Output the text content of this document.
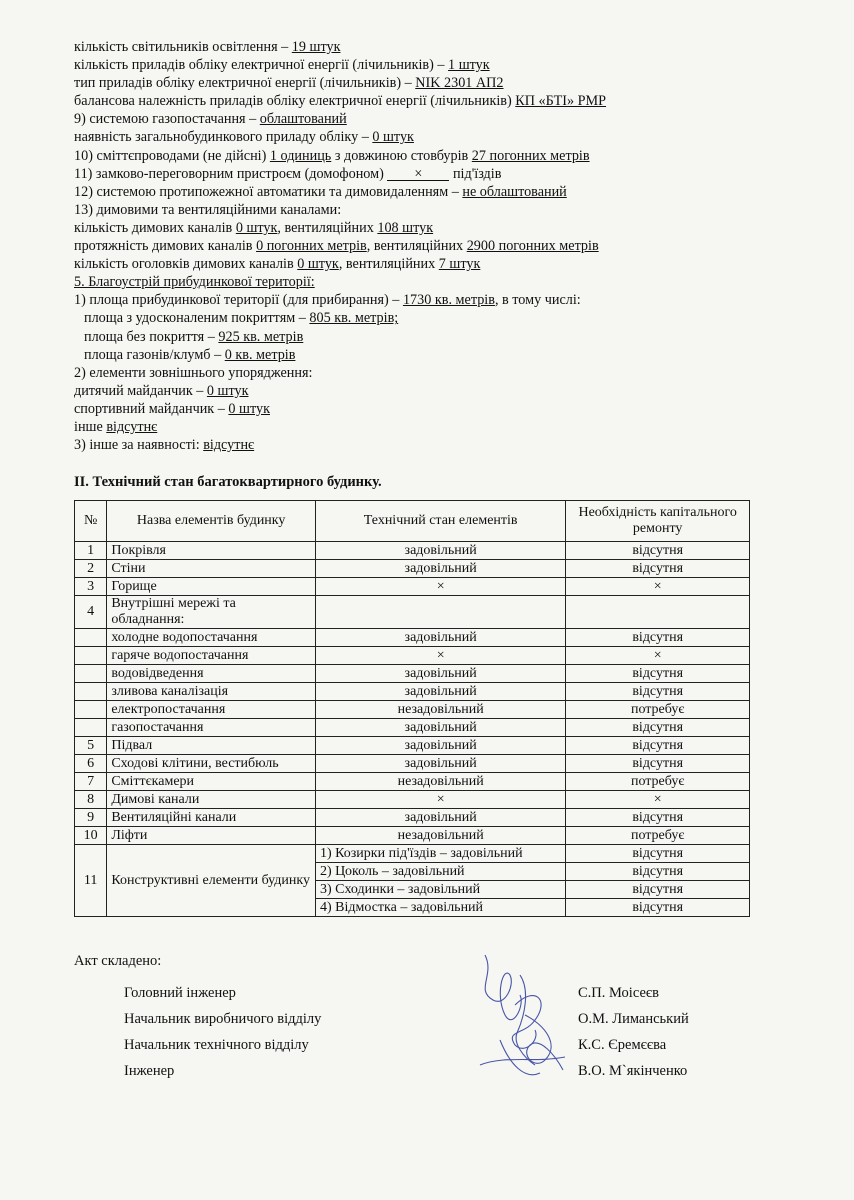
кількість світильників освітлення – 19 штук
кількість приладів обліку електричної енергії (лічильників) – 1 штук
тип приладів обліку електричної енергії (лічильників) – NIK 2301 АП2
балансова належність приладів обліку електричної енергії (лічильників) КП «БТІ» РМР
9) системою газопостачання – облаштований
наявність загальнобудинкового приладу обліку – 0 штук
10) сміттєпроводами (не дійсні) 1 одиниць з довжиною стовбурів 27 погонних метрів
11) замково-переговорним пристроєм (домофоном) × під'їздів
12) системою протипожежної автоматики та димовидаленням – не облаштований
13) димовими та вентиляційними каналами:
кількість димових каналів 0 штук, вентиляційних 108 штук
протяжність димових каналів 0 погонних метрів, вентиляційних 2900 погонних метрів
кількість оголовків димових каналів 0 штук, вентиляційних 7 штук
5. Благоустрій прибудинкової території:
1) площа прибудинкової території (для прибирання) – 1730 кв. метрів, в тому числі:
площа з удосконаленим покриттям – 805 кв. метрів;
площа без покриття – 925 кв. метрів
площа газонів/клумб – 0 кв. метрів
2) елементи зовнішнього упорядження:
дитячий майданчик – 0 штук
спортивний майданчик – 0 штук
інше відсутнє
3) інше за наявності: відсутнє
ІІ. Технічний стан багатоквартирного будинку.
№	Назва елементів будинку	Технічний стан елементів	Необхідність капітального ремонту
1	Покрівля	задовільний	відсутня
2	Стіни	задовільний	відсутня
3	Горище	×	×
4	Внутрішні мережі та обладнання:		
	холодне водопостачання	задовільний	відсутня
	гаряче водопостачання	×	×
	водовідведення	задовільний	відсутня
	зливова каналізація	задовільний	відсутня
	електропостачання	незадовільний	потребує
	газопостачання	задовільний	відсутня
5	Підвал	задовільний	відсутня
6	Сходові клітини, вестибюль	задовільний	відсутня
7	Сміттєкамери	незадовільний	потребує
8	Димові канали	×	×
9	Вентиляційні канали	задовільний	відсутня
10	Ліфти	незадовільний	потребує
11	Конструктивні елементи будинку	1) Козирки під'їздів – задовільний	відсутня
		2) Цоколь – задовільний	відсутня
		3) Сходинки – задовільний	відсутня
		4) Відмостка – задовільний	відсутня
Акт складено:
Головний інженер	С.П. Моісеєв
Начальник виробничого відділу	О.М. Лиманський
Начальник технічного відділу	К.С. Єремєєва
Інженер	В.О. М`якінченко
